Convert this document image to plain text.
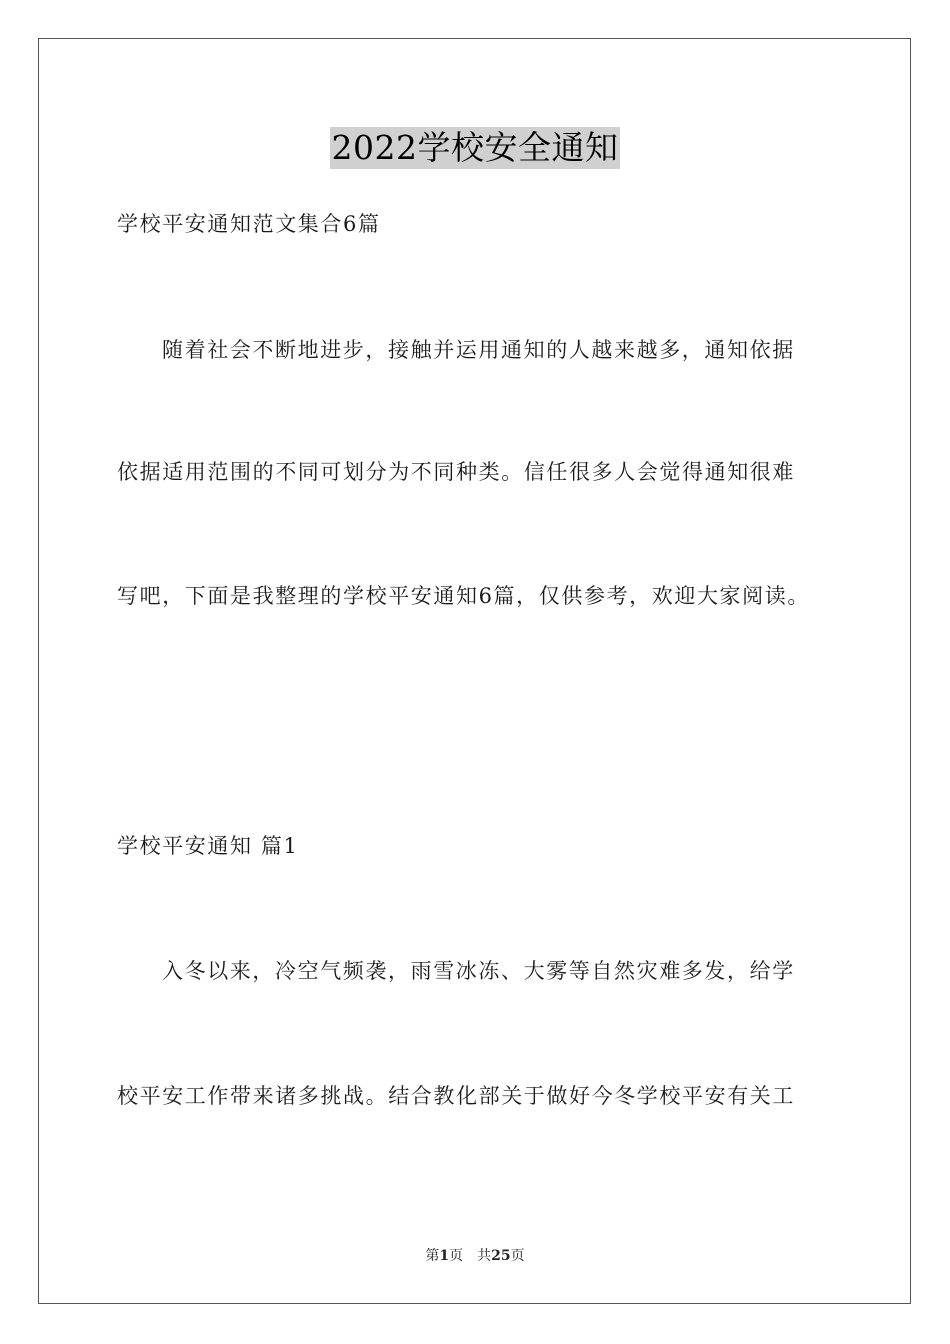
2022学校安全通知
学校平安通知范文集合6篇
随着社会不断地进步，接触并运用通知的人越来越多，通知依据
依据适用范围的不同可划分为不同种类。信任很多人会觉得通知很难
写吧，下面是我整理的学校平安通知6篇，仅供参考，欢迎大家阅读。
学校平安通知 篇1
入冬以来，冷空气频袭，雨雪冰冻、大雾等自然灾难多发，给学
校平安工作带来诸多挑战。结合教化部关于做好今冬学校平安有关工
第1页 共25页
